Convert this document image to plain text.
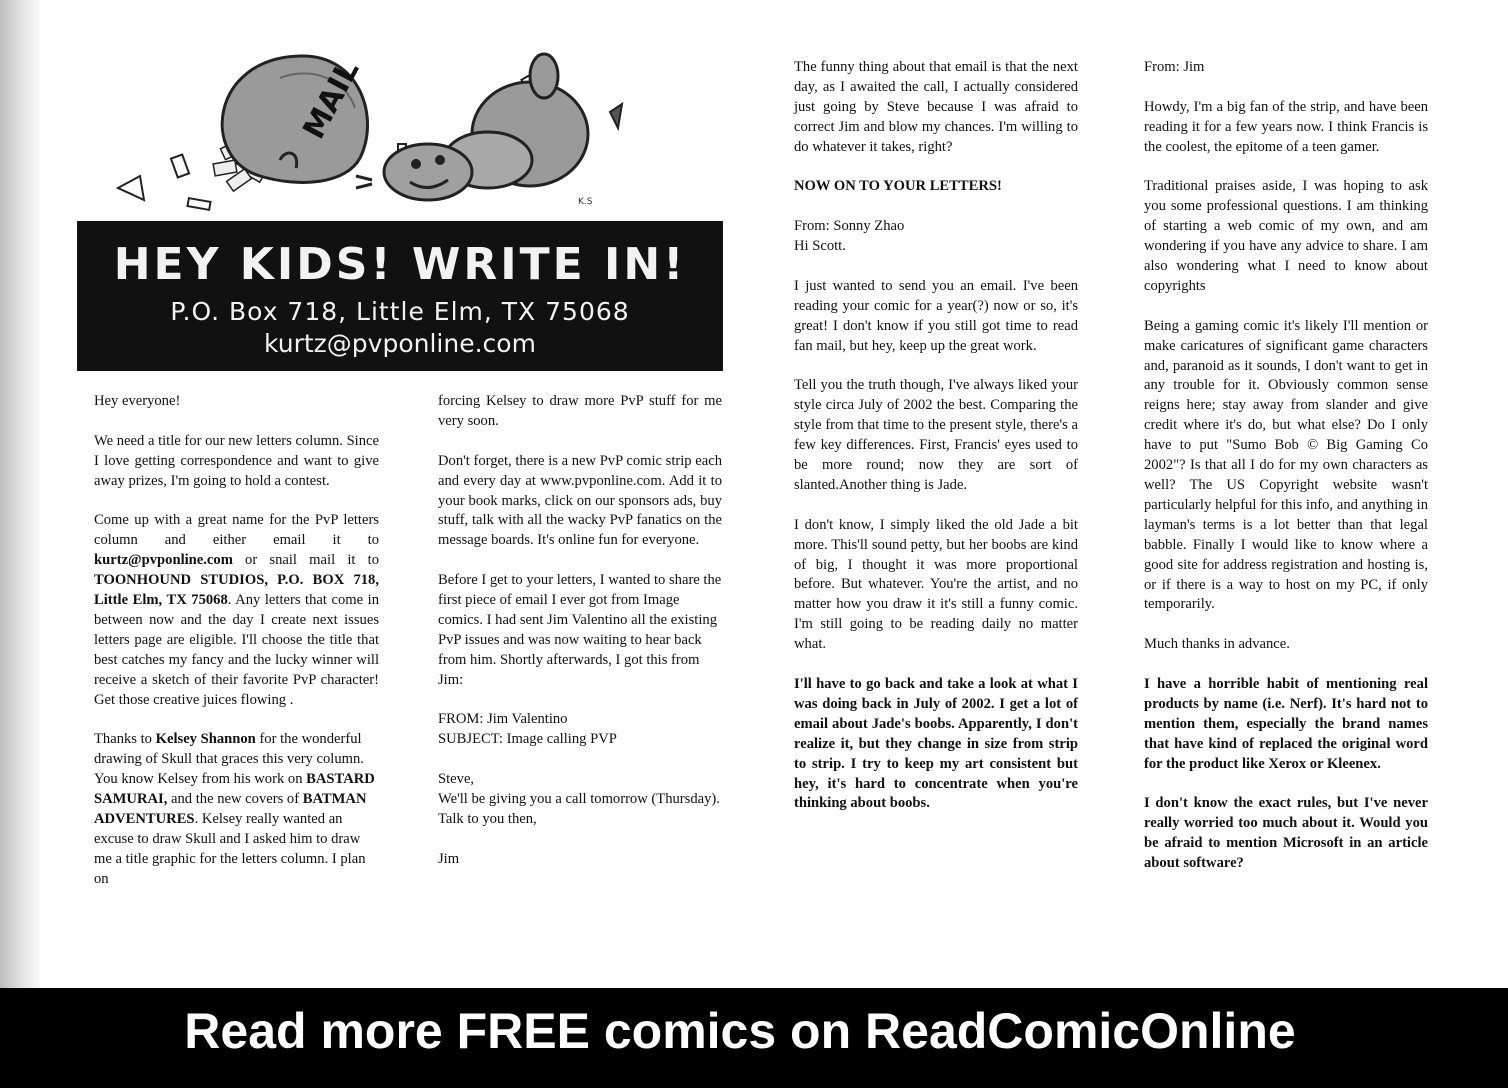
MAIL
K.S
HEY KIDS! WRITE IN!
P.O. Box 718, Little Elm, TX 75068
kurtz@pvponline.com

Hey everyone!

We need a title for our new letters column. Since I love getting correspondence and want to give away prizes, I'm going to hold a contest.

Come up with a great name for the PvP letters column and either email it to kurtz@pvponline.com or snail mail it to TOONHOUND STUDIOS, P.O. BOX 718, Little Elm, TX 75068. Any letters that come in between now and the day I create next issues letters page are eligible. I'll choose the title that best catches my fancy and the lucky winner will receive a sketch of their favorite PvP character! Get those creative juices flowing .

Thanks to Kelsey Shannon for the wonderful drawing of Skull that graces this very column. You know Kelsey from his work on BASTARD SAMURAI, and the new covers of BATMAN ADVENTURES. Kelsey really wanted an excuse to draw Skull and I asked him to draw me a title graphic for the letters column. I plan on

forcing Kelsey to draw more PvP stuff for me very soon.

Don't forget, there is a new PvP comic strip each and every day at www.pvponline.com. Add it to your book marks, click on our sponsors ads, buy stuff, talk with all the wacky PvP fanatics on the message boards. It's online fun for everyone.

Before I get to your letters, I wanted to share the first piece of email I ever got from Image comics. I had sent Jim Valentino all the existing PvP issues and was now waiting to hear back from him. Shortly afterwards, I got this from Jim:

FROM: Jim Valentino
SUBJECT: Image calling PVP

Steve,
We'll be giving you a call tomorrow (Thursday). Talk to you then,

Jim

The funny thing about that email is that the next day, as I awaited the call, I actually considered just going by Steve because I was afraid to correct Jim and blow my chances. I'm willing to do whatever it takes, right?

NOW ON TO YOUR LETTERS!

From: Sonny Zhao
Hi Scott.

I just wanted to send you an email. I've been reading your comic for a year(?) now or so, it's great! I don't know if you still got time to read fan mail, but hey, keep up the great work.

Tell you the truth though, I've always liked your style circa July of 2002 the best. Comparing the style from that time to the present style, there's a few key differences. First, Francis' eyes used to be more round; now they are sort of slanted.Another thing is Jade.

I don't know, I simply liked the old Jade a bit more. This'll sound petty, but her boobs are kind of big, I thought it was more proportional before. But whatever. You're the artist, and no matter how you draw it it's still a funny comic. I'm still going to be reading daily no matter what.

I'll have to go back and take a look at what I was doing back in July of 2002. I get a lot of email about Jade's boobs. Apparently, I don't realize it, but they change in size from strip to strip. I try to keep my art consistent but hey, it's hard to concentrate when you're thinking about boobs.

From: Jim

Howdy, I'm a big fan of the strip, and have been reading it for a few years now. I think Francis is the coolest, the epitome of a teen gamer.

Traditional praises aside, I was hoping to ask you some professional questions. I am thinking of starting a web comic of my own, and am wondering if you have any advice to share. I am also wondering what I need to know about copyrights

Being a gaming comic it's likely I'll mention or make caricatures of significant game characters and, paranoid as it sounds, I don't want to get in any trouble for it. Obviously common sense reigns here; stay away from slander and give credit where it's do, but what else? Do I only have to put "Sumo Bob © Big Gaming Co 2002"? Is that all I do for my own characters as well? The US Copyright website wasn't particularly helpful for this info, and anything in layman's terms is a lot better than that legal babble. Finally I would like to know where a good site for address registration and hosting is, or if there is a way to host on my PC, if only temporarily.

Much thanks in advance.

I have a horrible habit of mentioning real products by name (i.e. Nerf). It's hard not to mention them, especially the brand names that have kind of replaced the original word for the product like Xerox or Kleenex.

I don't know the exact rules, but I've never really worried too much about it. Would you be afraid to mention Microsoft in an article about software?

Read more FREE comics on ReadComicOnline
